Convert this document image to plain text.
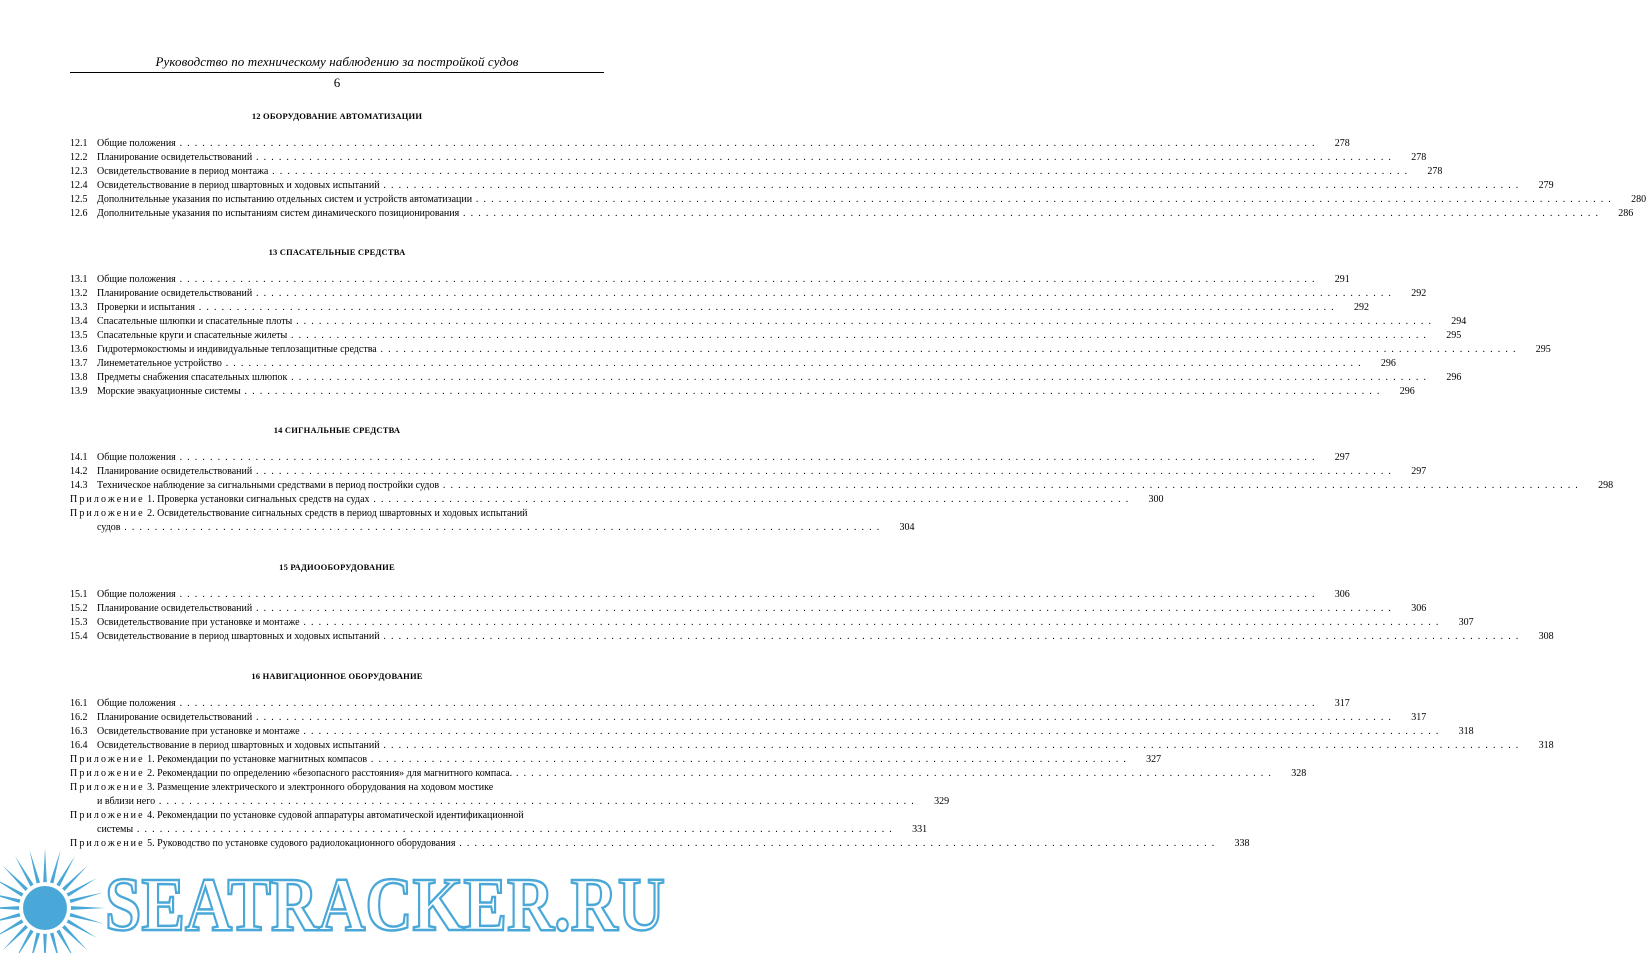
Руководство по техническому наблюдению за постройкой судов
6
12 ОБОРУДОВАНИЕ АВТОМАТИЗАЦИИ
12.1 Общие положения . . .	278
12.2 Планирование освидетельствований . . .	278
12.3 Освидетельствование в период монтажа . . .	278
12.4 Освидетельствование в период швартовных и ходовых испытаний . . .	279
12.5 Дополнительные указания по испытанию отдельных систем и устройств автоматизации . . .	280
12.6 Дополнительные указания по испытаниям систем динамического позиционирования . . .	286
13 СПАСАТЕЛЬНЫЕ СРЕДСТВА
13.1 Общие положения . . .	291
13.2 Планирование освидетельствований . . .	292
13.3 Проверки и испытания . . .	292
13.4 Спасательные шлюпки и спасательные плоты . . .	294
13.5 Спасательные круги и спасательные жилеты . . .	295
13.6 Гидротермокостюмы и индивидуальные теплозащитные средства . . .	295
13.7 Линеметательное устройство . . .	296
13.8 Предметы снабжения спасательных шлюпок . . .	296
13.9 Морские эвакуационные системы . . .	296
14 СИГНАЛЬНЫЕ СРЕДСТВА
14.1 Общие положения . . .	297
14.2 Планирование освидетельствований . . .	297
14.3 Техническое наблюдение за сигнальными средствами в период постройки судов . . .	298
Приложение 1. Проверка установки сигнальных средств на судах . . .	300
Приложение 2. Освидетельствование сигнальных средств в период швартовных и ходовых испытаний
судов . . .	304
15 РАДИООБОРУДОВАНИЕ
15.1 Общие положения . . .	306
15.2 Планирование освидетельствований . . .	306
15.3 Освидетельствование при установке и монтаже . . .	307
15.4 Освидетельствование в период швартовных и ходовых испытаний . . .	308
16 НАВИГАЦИОННОЕ ОБОРУДОВАНИЕ
16.1 Общие положения . . .	317
16.2 Планирование освидетельствований . . .	317
16.3 Освидетельствование при установке и монтаже . . .	318
16.4 Освидетельствование в период швартовных и ходовых испытаний . . .	318
Приложение 1. Рекомендации по установке магнитных компасов . . .	327
Приложение 2. Рекомендации по определению «безопасного расстояния» для магнитного компаса. . . .	328
Приложение 3. Размещение электрического и электронного оборудования на ходовом мостике
и вблизи него . . .	329
Приложение 4. Рекомендации по установке судовой аппаратуры автоматической идентификационной
системы . . .	331
Приложение 5. Руководство по установке судового радиолокационного оборудования . . .	338
SEATRACKER.RU
